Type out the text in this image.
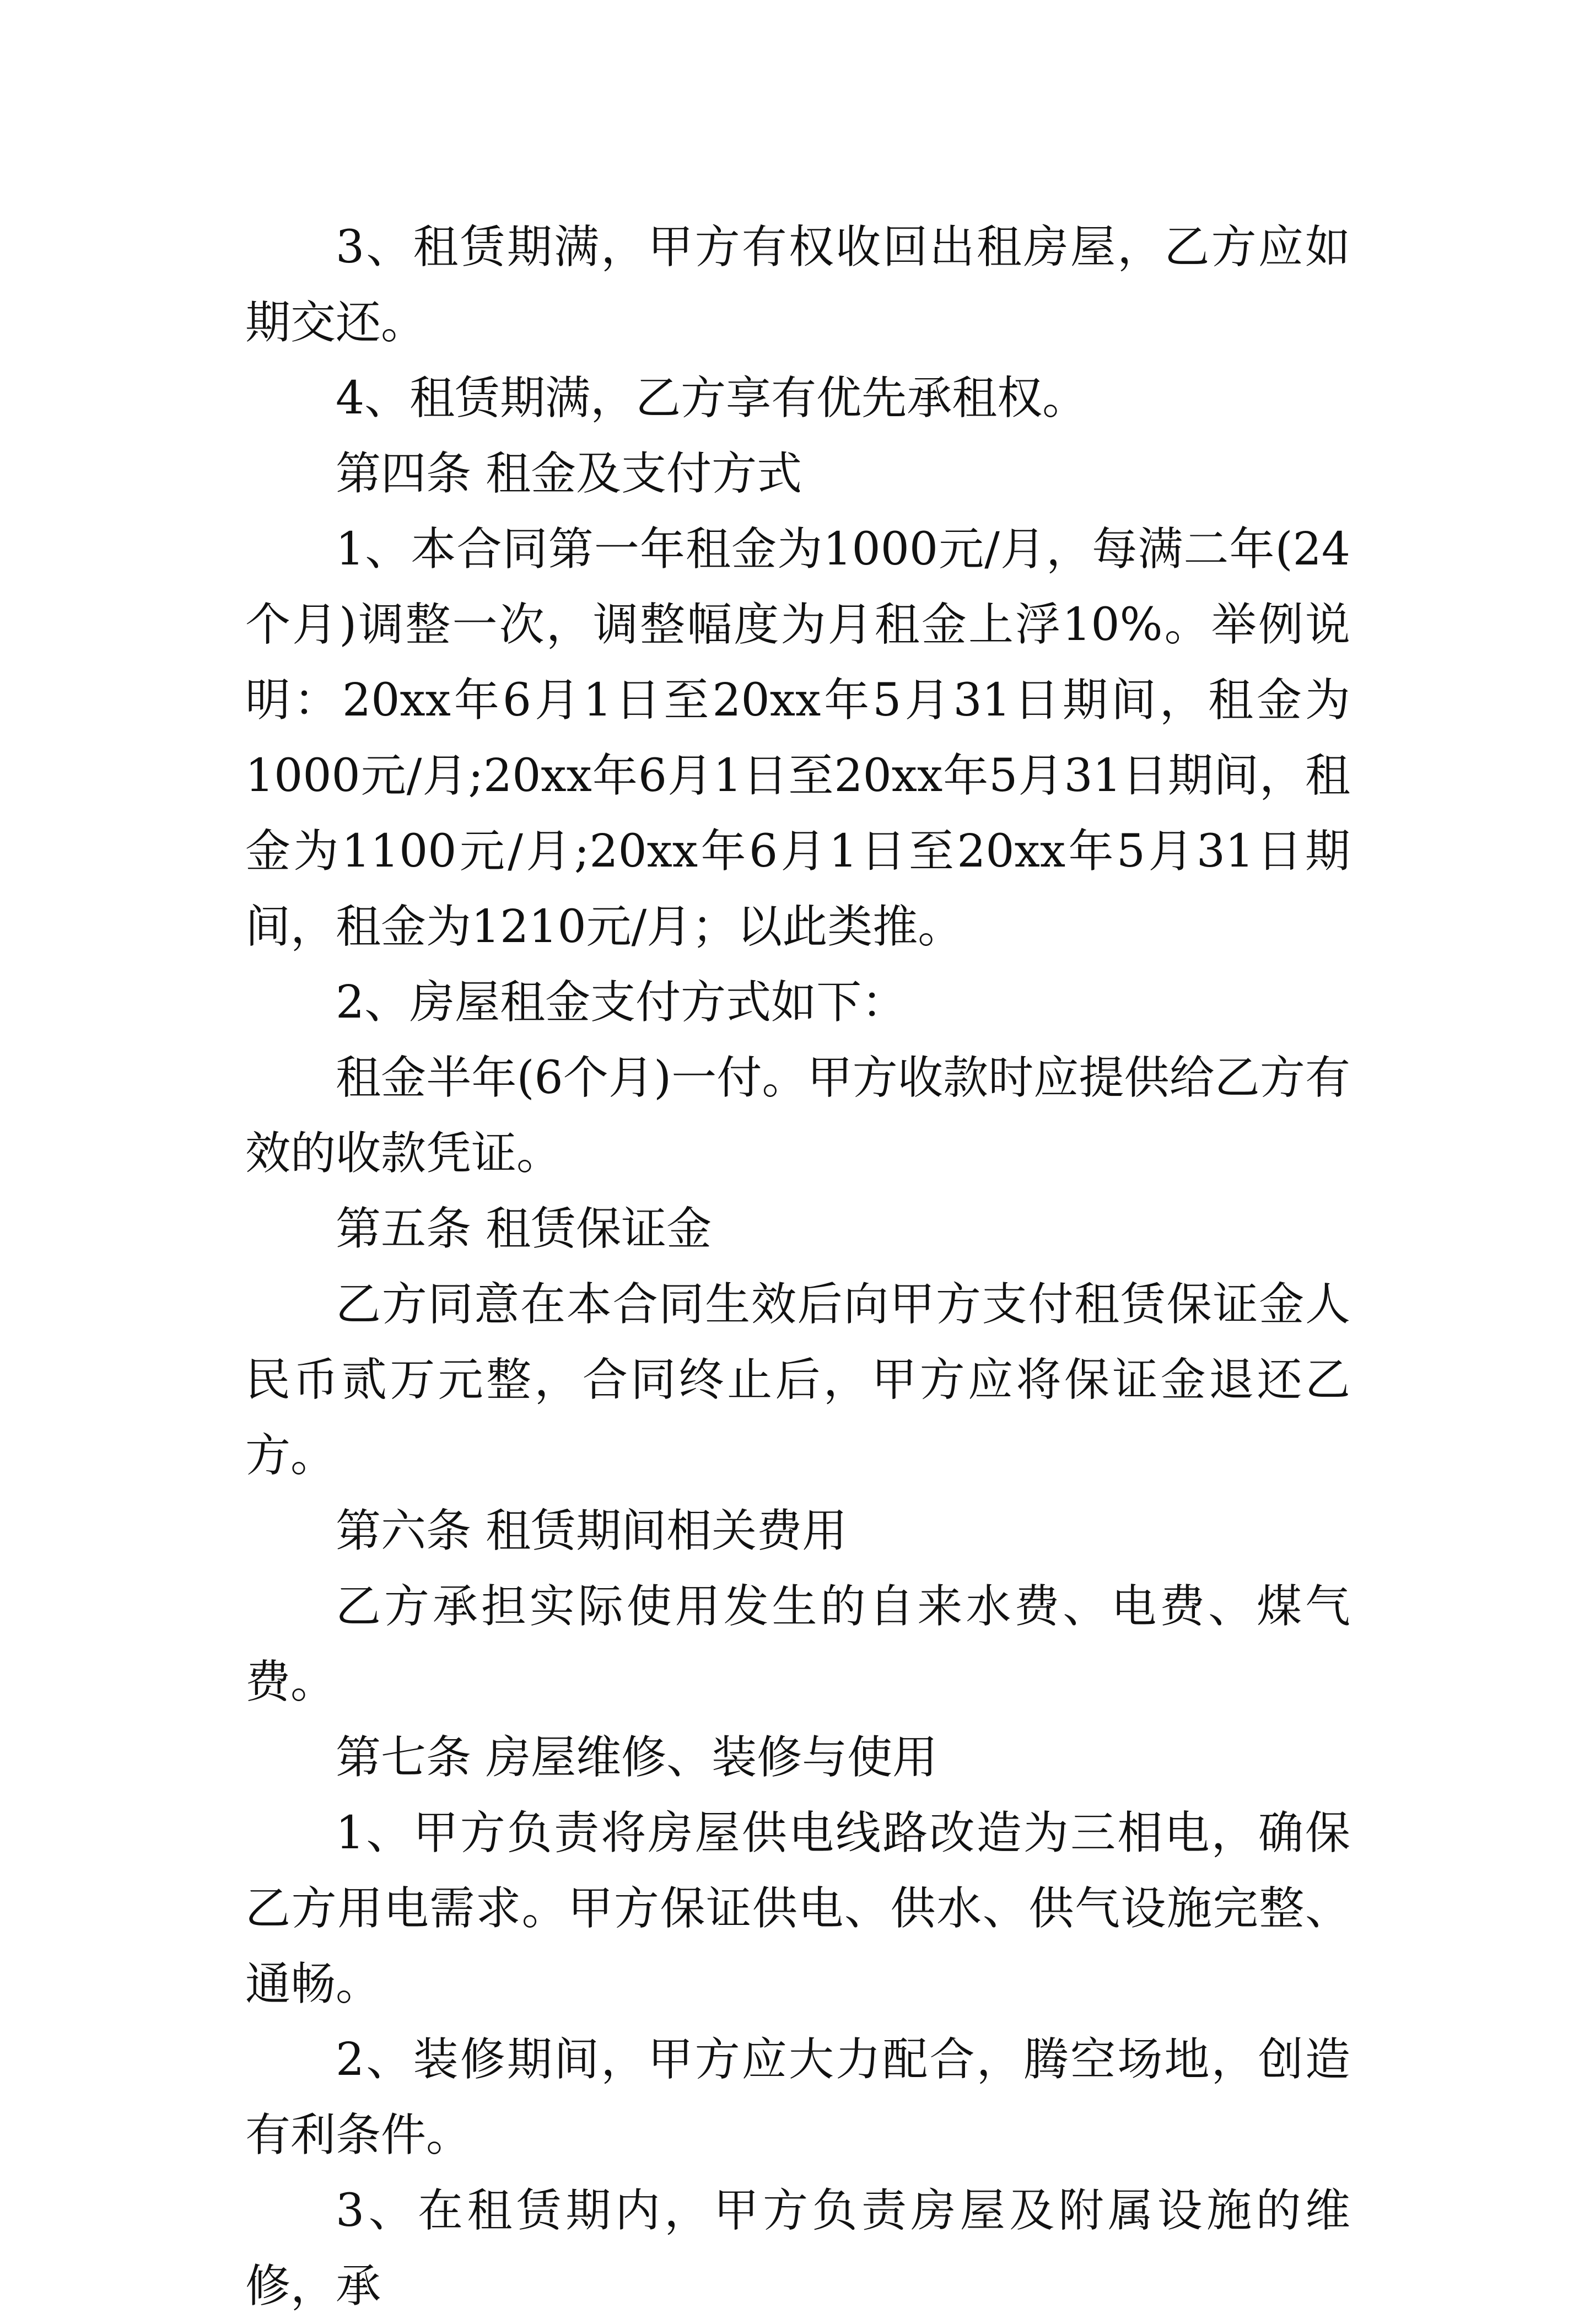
3、租赁期满，甲方有权收回出租房屋，乙方应如期交还。

4、租赁期满，乙方享有优先承租权。

第四条 租金及支付方式

1、本合同第一年租金为1000元/月，每满二年(24个月)调整一次，调整幅度为月租金上浮10%。举例说明：20xx年6月1日至20xx年5月31日期间，租金为1000元/月;20xx年6月1日至20xx年5月31日期间，租金为1100元/月;20xx年6月1日至20xx年5月31日期间，租金为1210元/月；以此类推。

2、房屋租金支付方式如下：

租金半年(6个月)一付。甲方收款时应提供给乙方有效的收款凭证。

第五条 租赁保证金

乙方同意在本合同生效后向甲方支付租赁保证金人民币贰万元整，合同终止后，甲方应将保证金退还乙方。

第六条 租赁期间相关费用

乙方承担实际使用发生的自来水费、电费、煤气费。

第七条 房屋维修、装修与使用

1、甲方负责将房屋供电线路改造为三相电，确保乙方用电需求。甲方保证供电、供水、供气设施完整、通畅。

2、装修期间，甲方应大力配合，腾空场地，创造有利条件。

3、在租赁期内，甲方负责房屋及附属设施的维修，承
